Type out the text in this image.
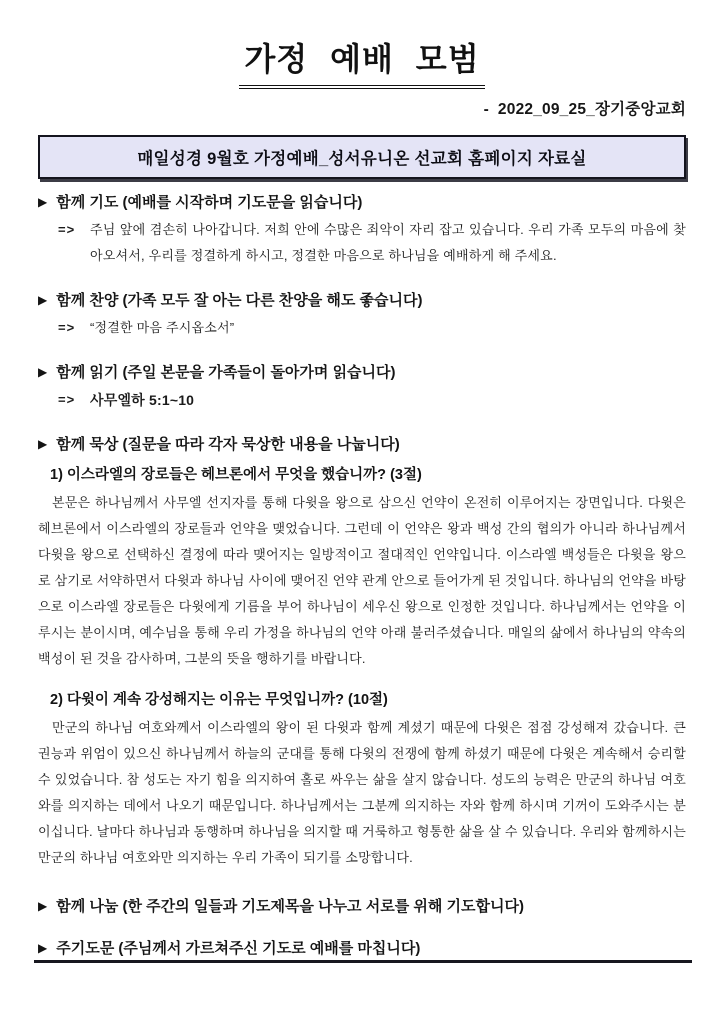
가정 예배 모범
-  2022_09_25_장기중앙교회
매일성경 9월호 가정예배_성서유니온 선교회 홈페이지 자료실
▶ 함께 기도 (예배를 시작하며 기도문을 읽습니다)
=>	주님 앞에 겸손히 나아갑니다. 저희 안에 수많은 죄악이 자리 잡고 있습니다. 우리 가족 모두의 마음에 찾아오셔서, 우리를 정결하게 하시고, 정결한 마음으로 하나님을 예배하게 해 주세요.
▶ 함께 찬양 (가족 모두 잘 아는 다른 찬양을 해도 좋습니다)
=>	“정결한 마음 주시옵소서”
▶ 함께 읽기 (주일 본문을 가족들이 돌아가며 읽습니다)
=>	사무엘하 5:1~10
▶ 함께 묵상 (질문을 따라 각자 묵상한 내용을 나눕니다)
1) 이스라엘의 장로들은 헤브론에서 무엇을 했습니까? (3절)
본문은 하나님께서 사무엘 선지자를 통해 다윗을 왕으로 삼으신 언약이 온전히 이루어지는 장면입니다. 다윗은 헤브론에서 이스라엘의 장로들과 언약을 맺었습니다. 그런데 이 언약은 왕과 백성 간의 협의가 아니라 하나님께서 다윗을 왕으로 선택하신 결정에 따라 맺어지는 일방적이고 절대적인 언약입니다. 이스라엘 백성들은 다윗을 왕으로 삼기로 서약하면서 다윗과 하나님 사이에 맺어진 언약 관계 안으로 들어가게 된 것입니다. 하나님의 언약을 바탕으로 이스라엘 장로들은 다윗에게 기름을 부어 하나님이 세우신 왕으로 인정한 것입니다. 하나님께서는 언약을 이루시는 분이시며, 예수님을 통해 우리 가정을 하나님의 언약 아래 불러주셨습니다. 매일의 삶에서 하나님의 약속의 백성이 된 것을 감사하며, 그분의 뜻을 행하기를 바랍니다.
2) 다윗이 계속 강성해지는 이유는 무엇입니까? (10절)
만군의 하나님 여호와께서 이스라엘의 왕이 된 다윗과 함께 계셨기 때문에 다윗은 점점 강성해져 갔습니다. 큰 권능과 위엄이 있으신 하나님께서 하늘의 군대를 통해 다윗의 전쟁에 함께 하셨기 때문에 다윗은 계속해서 승리할 수 있었습니다. 참 성도는 자기 힘을 의지하여 홀로 싸우는 삶을 살지 않습니다. 성도의 능력은 만군의 하나님 여호와를 의지하는 데에서 나오기 때문입니다. 하나님께서는 그분께 의지하는 자와 함께 하시며 기꺼이 도와주시는 분이십니다. 날마다 하나님과 동행하며 하나님을 의지할 때 거룩하고 형통한 삶을 살 수 있습니다. 우리와 함께하시는 만군의 하나님 여호와만 의지하는 우리 가족이 되기를 소망합니다.
▶ 함께 나눔 (한 주간의 일들과 기도제목을 나누고 서로를 위해 기도합니다)
▶ 주기도문 (주님께서 가르쳐주신 기도로 예배를 마칩니다)
